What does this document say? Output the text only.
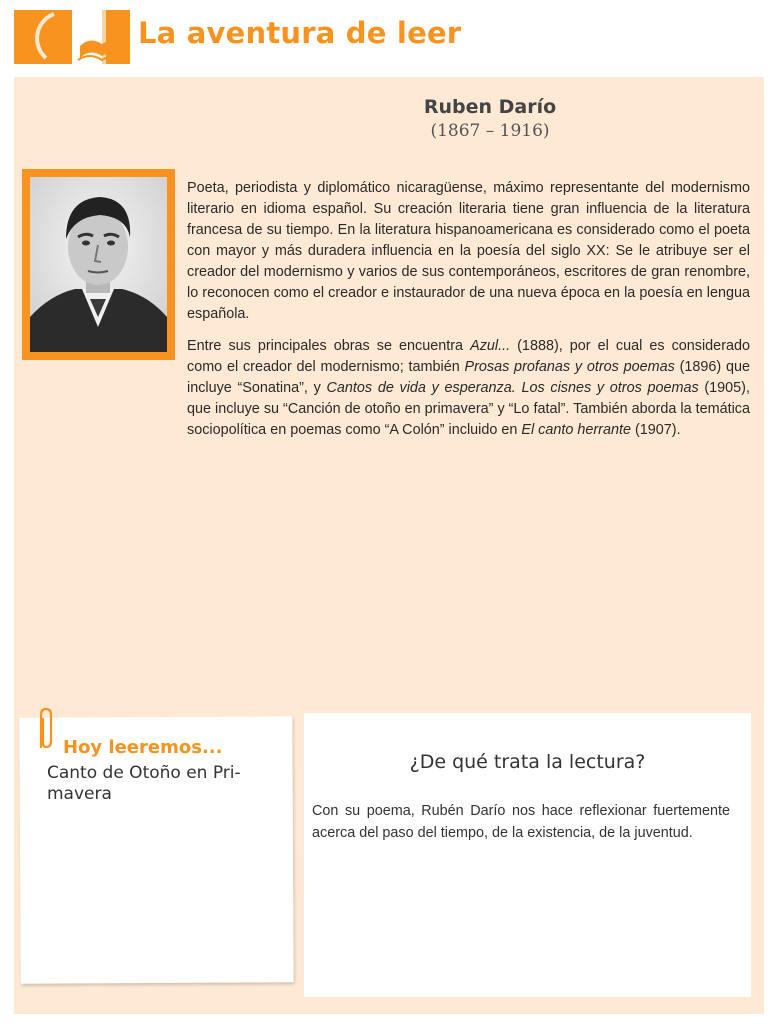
La aventura de leer
Ruben Darío
(1867 – 1916)

Poeta, periodista y diplomático nicaragüense, máximo representante del modernismo literario en idioma español. Su creación literaria tiene gran influencia de la literatura francesa de su tiempo. En la literatura hispanoamericana es considerado como el poeta con mayor y más duradera influencia en la poesía del siglo XX: Se le atribuye ser el creador del modernismo y varios de sus contemporáneos, escritores de gran renombre, lo reconocen como el creador e instaurador de una nueva época en la poesía en lengua española.

Entre sus principales obras se encuentra Azul... (1888), por el cual es considerado como el creador del modernismo; también Prosas profanas y otros poemas (1896) que incluye “Sonatina”, y Cantos de vida y esperanza. Los cisnes y otros poemas (1905), que incluye su “Canción de otoño en primavera” y “Lo fatal”. También aborda la temática sociopolítica en poemas como “A Colón” incluido en El canto herrante (1907).

Hoy leeremos...
Canto de Otoño en Pri-
mavera
¿De qué trata la lectura?
Con su poema, Rubén Darío nos hace reflexionar fuertemente acerca del paso del tiempo, de la existencia, de la juventud.
